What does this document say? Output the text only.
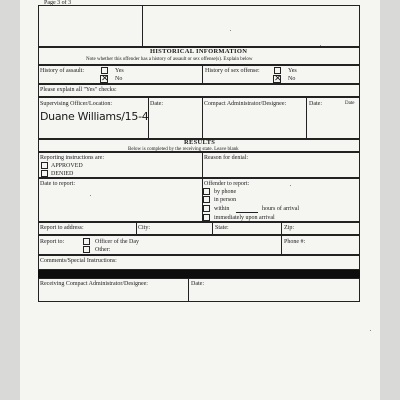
Page 3 of 3
HISTORICAL INFORMATION
Note whether this offender has a history of assault or sex offense(s). Explain below
History of assault:	Yes
✕ No
History of sex offense:	Yes
✕ No
Please explain all "Yes" checks:
Supervising Officer/Location:	Date:	Compact Administrator/Designee:	Date:	Date
Duane Williams/15-4
RESULTS
Below is completed by the receiving state. Leave blank
Reporting instructions are:
APPROVED
DENIED
Reason for denial:
Date to report:	Offender to report:
by phone
in person
within	hours of arrival
immediately upon arrival
Report to address:	City:	State:	Zip:
Report to:	Officer of the Day
Other:
Phone #:
Comments/Special Instructions:
Receiving Compact Administrator/Designee:	Date:
